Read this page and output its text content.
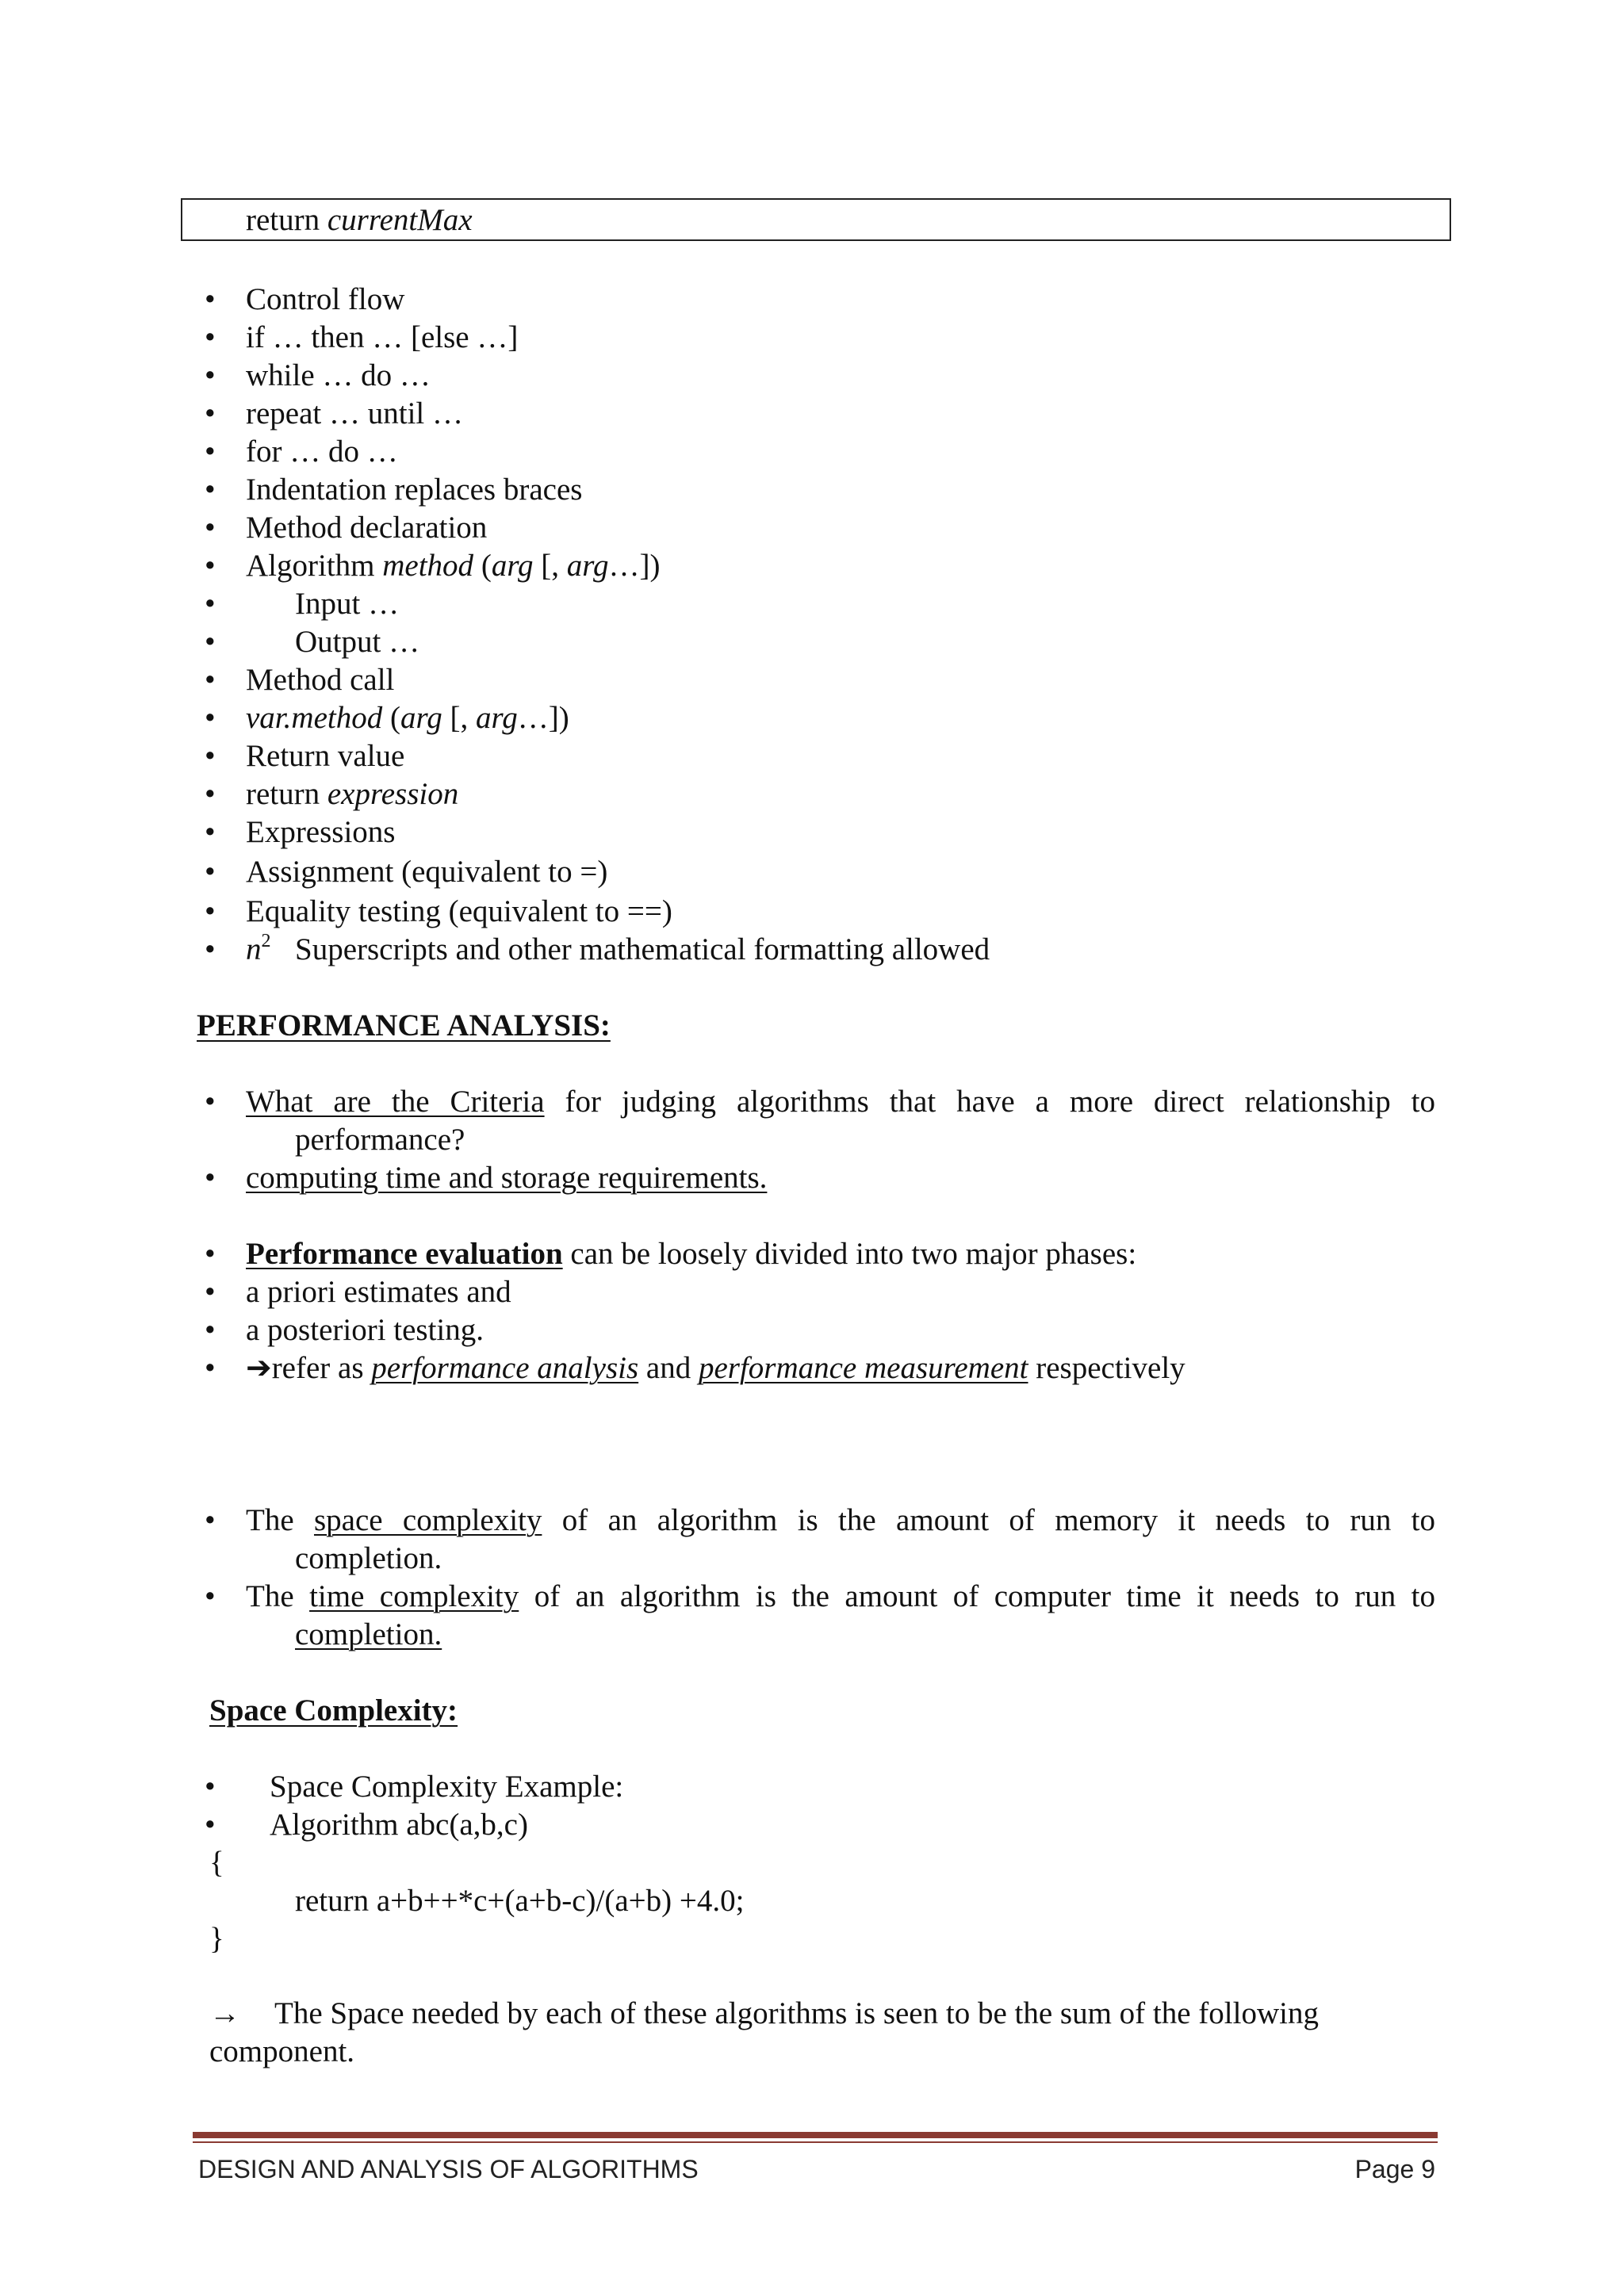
return currentMax
• Control flow
• if … then … [else …]
• while … do …
• repeat … until …
• for … do …
• Indentation replaces braces
• Method declaration
• Algorithm method (arg [, arg…])
•	Input …
•	Output …
• Method call
• var.method (arg [, arg…])
• Return value
• return expression
• Expressions
• Assignment (equivalent to =)
• Equality testing (equivalent to ==)
• $n^2$ Superscripts and other mathematical formatting allowed
PERFORMANCE ANALYSIS:
• What are the Criteria for judging algorithms that have a more direct relationship to
performance?
• computing time and storage requirements.
• Performance evaluation can be loosely divided into two major phases:
• a priori estimates and
• a posteriori testing.
• ➔refer as performance analysis and performance measurement respectively
• The space complexity of an algorithm is the amount of memory it needs to run to
completion.
• The time complexity of an algorithm is the amount of computer time it needs to run to
completion.
Space Complexity:
• Space Complexity Example:
• Algorithm abc(a,b,c)
{
return a+b++*c+(a+b-c)/(a+b) +4.0;
}
→ The Space needed by each of these algorithms is seen to be the sum of the following
component.
DESIGN AND ANALYSIS OF ALGORITHMS	Page 9
